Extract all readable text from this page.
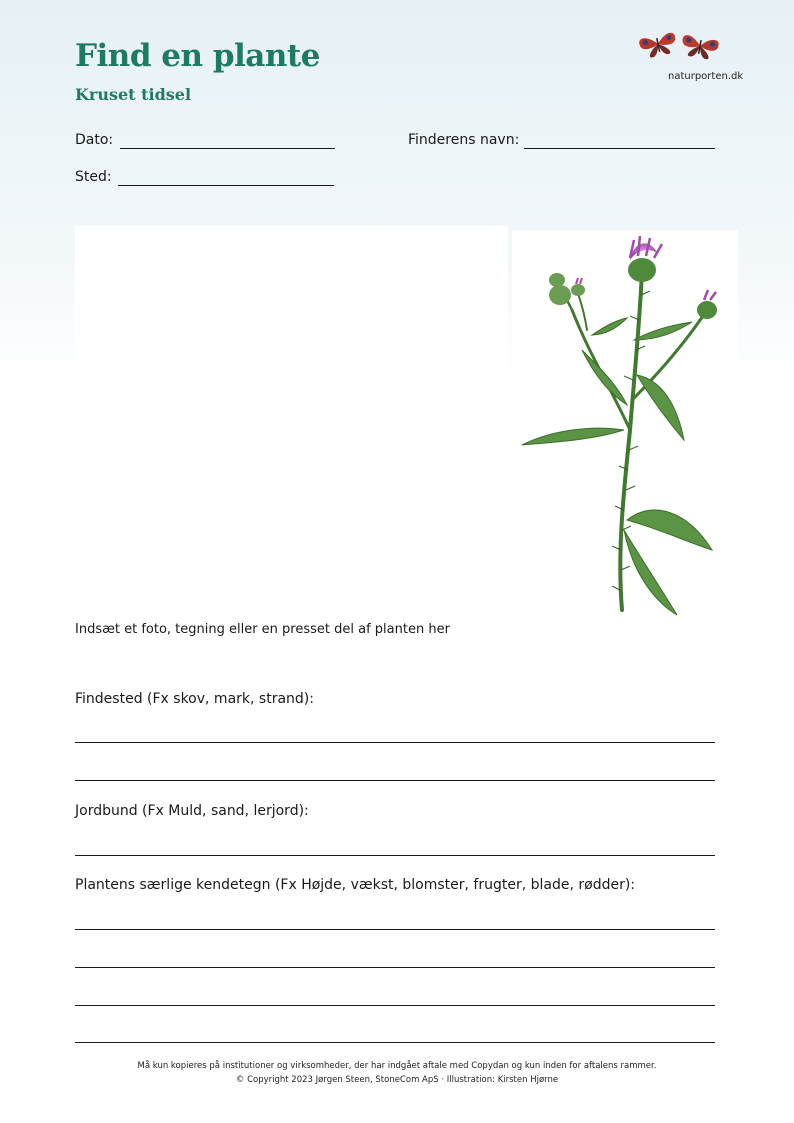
Find en plante
Kruset tidsel
naturporten.dk
Dato:	Finderens navn:
Sted:
Indsæt et foto, tegning eller en presset del af planten her
Findested (Fx skov, mark, strand):
Jordbund (Fx Muld, sand, lerjord):
Plantens særlige kendetegn (Fx Højde, vækst, blomster, frugter, blade, rødder):
Må kun kopieres på institutioner og virksomheder, der har indgået aftale med Copydan og kun inden for aftalens rammer.
© Copyright 2023 Jørgen Steen, StoneCom ApS · Illustration: Kirsten Hjørne
